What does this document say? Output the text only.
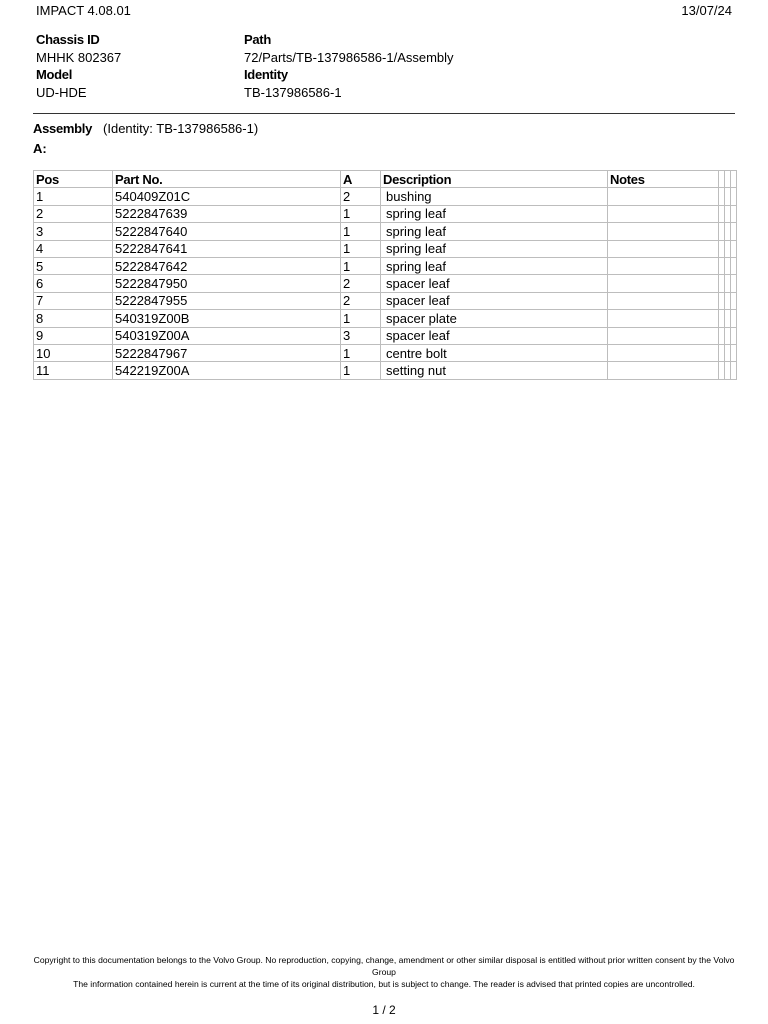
IMPACT 4.08.01	13/07/24
Chassis ID	Path
MHHK 802367	72/Parts/TB-137986586-1/Assembly
Model	Identity
UD-HDE	TB-137986586-1
Assembly (Identity: TB-137986586-1)
A:
Pos	Part No.	A	Description	Notes			
1	540409Z01C	2	bushing				
2	5222847639	1	spring leaf				
3	5222847640	1	spring leaf				
4	5222847641	1	spring leaf				
5	5222847642	1	spring leaf				
6	5222847950	2	spacer leaf				
7	5222847955	2	spacer leaf				
8	540319Z00B	1	spacer plate				
9	540319Z00A	3	spacer leaf				
10	5222847967	1	centre bolt				
11	542219Z00A	1	setting nut				
Copyright to this documentation belongs to the Volvo Group. No reproduction, copying, change, amendment or other similar disposal is entitled without prior written consent by the Volvo Group
The information contained herein is current at the time of its original distribution, but is subject to change. The reader is advised that printed copies are uncontrolled.
1 / 2
